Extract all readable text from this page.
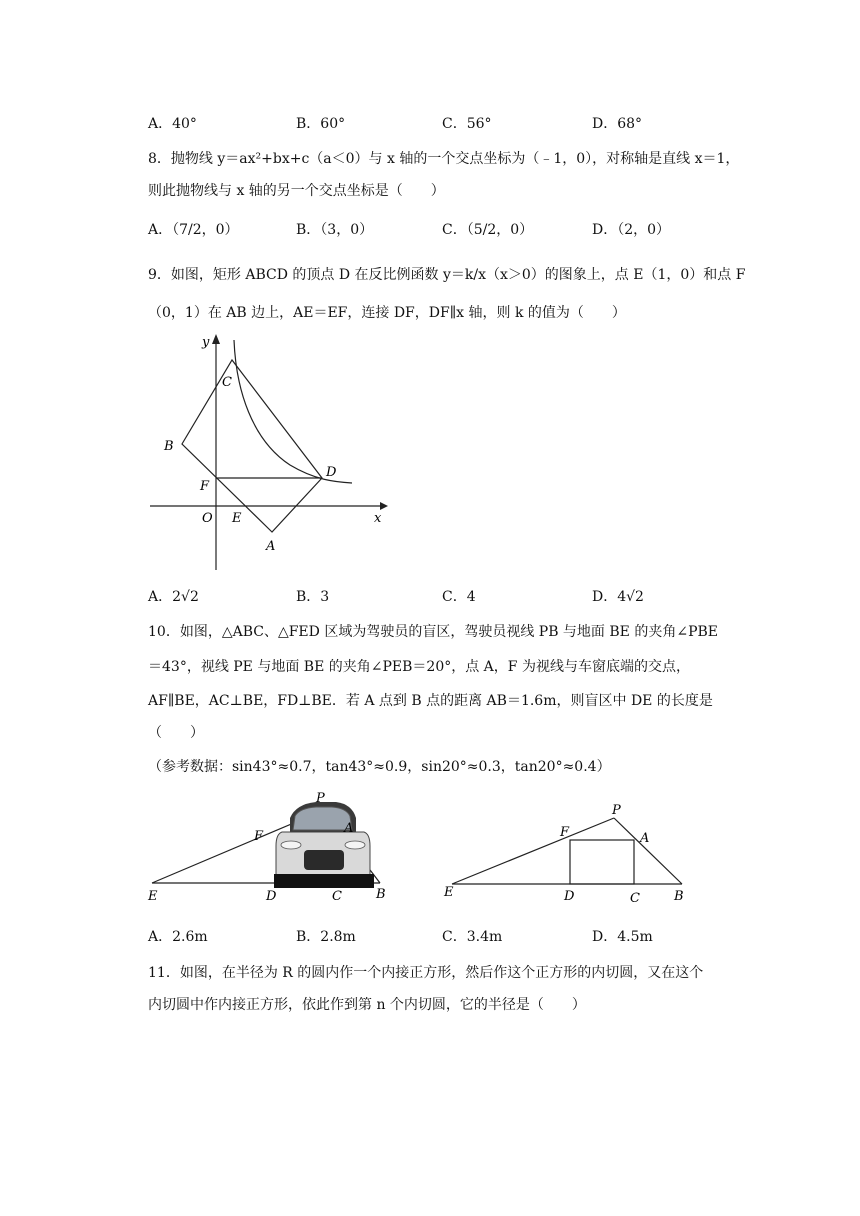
A．40°	B．60°	C．56°	D．68°
8．抛物线 y＝ax²+bx+c（a＜0）与 x 轴的一个交点坐标为（﹣1，0），对称轴是直线 x＝1，
则此抛物线与 x 轴的另一个交点坐标是（　　）
A．（7/2，0）	B．（3，0）	C．（5/2，0）	D．（2，0）
9．如图，矩形 ABCD 的顶点 D 在反比例函数 y＝k/x（x＞0）的图象上，点 E（1，0）和点 F
（0，1）在 AB 边上，AE＝EF，连接 DF，DF∥x 轴，则 k 的值为（　　）
y
x
O
A
B
C
D
E
F
A．2√2	B．3	C．4	D．4√2
10．如图，△ABC、△FED 区域为驾驶员的盲区，驾驶员视线 PB 与地面 BE 的夹角∠PBE
＝43°，视线 PE 与地面 BE 的夹角∠PEB＝20°，点 A，F 为视线与车窗底端的交点，
AF∥BE，AC⊥BE，FD⊥BE．若 A 点到 B 点的距离 AB＝1.6m，则盲区中 DE 的长度是
（　　）
（参考数据：sin43°≈0.7，tan43°≈0.9，sin20°≈0.3，tan20°≈0.4）
P
F
A
E	D	C	B
P
F	A
E	D	C	B
A．2.6m	B．2.8m	C．3.4m	D．4.5m
11．如图，在半径为 R 的圆内作一个内接正方形，然后作这个正方形的内切圆，又在这个
内切圆中作内接正方形，依此作到第 n 个内切圆，它的半径是（　　）
